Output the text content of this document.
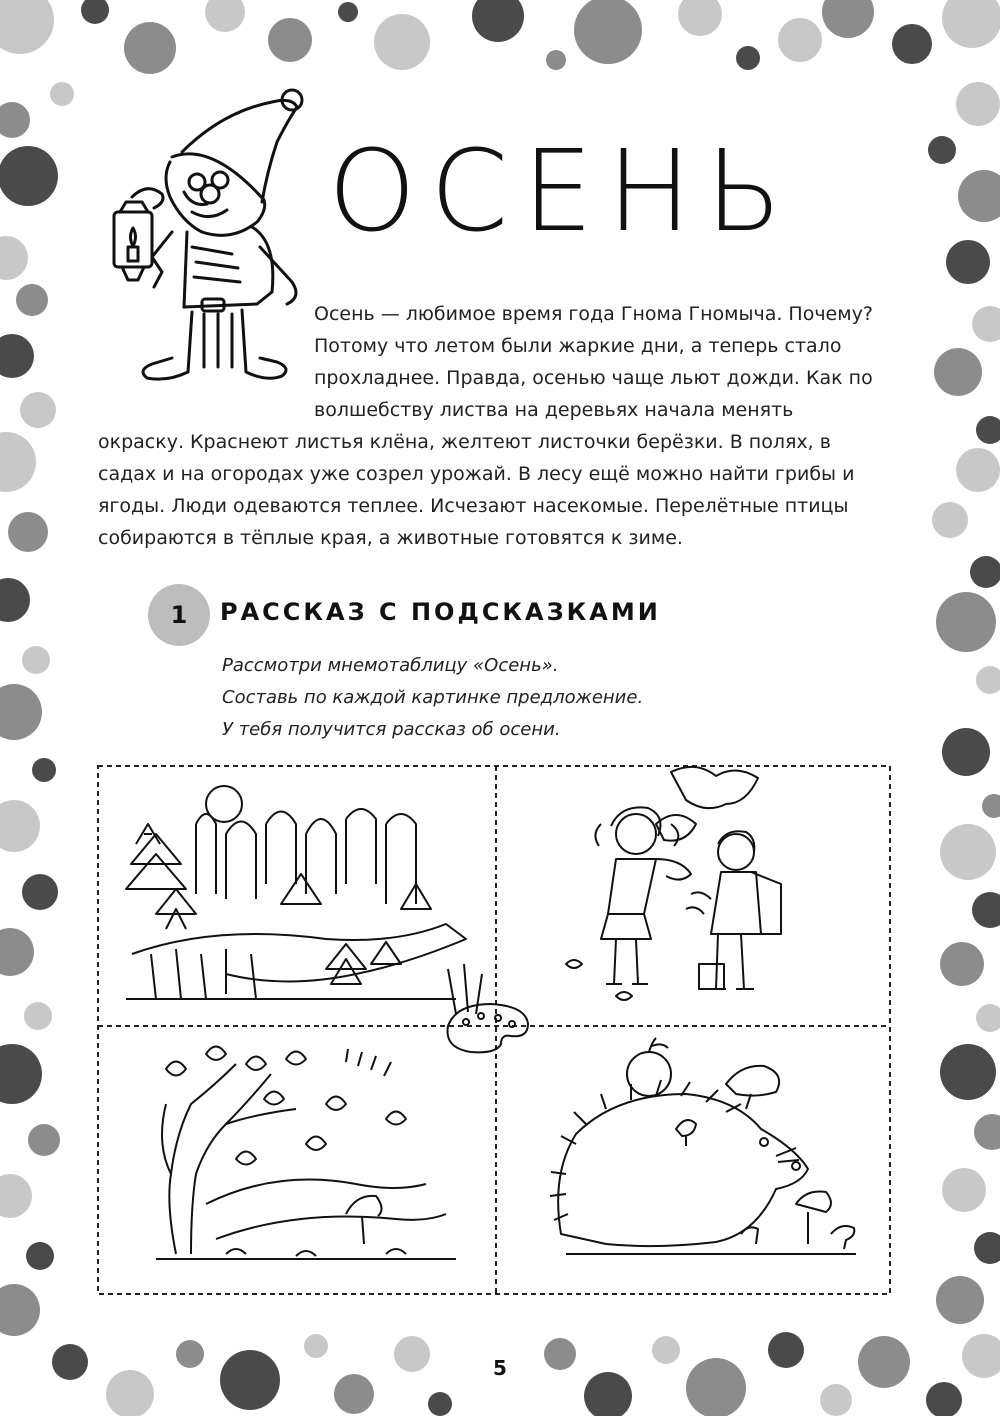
ОСЕНЬ

Осень — любимое время года Гнома Гномыча. Почему?

Потому что летом были жаркие дни, а теперь стало

прохладнее. Правда, осенью чаще льют дожди. Как по

волшебству листва на деревьях начала менять

окраску. Краснеют листья клёна, желтеют листочки берёзки. В полях, в

садах и на огородах уже созрел урожай. В лесу ещё можно найти грибы и

ягоды. Люди одеваются теплее. Исчезают насекомые. Перелётные птицы

собираются в тёплые края, а животные готовятся к зиме.

1	РАССКАЗ С ПОДСКАЗКАМИ
Рассмотри мнемотаблицу «Осень».
Составь по каждой картинке предложение.
У тебя получится рассказ об осени.
5
